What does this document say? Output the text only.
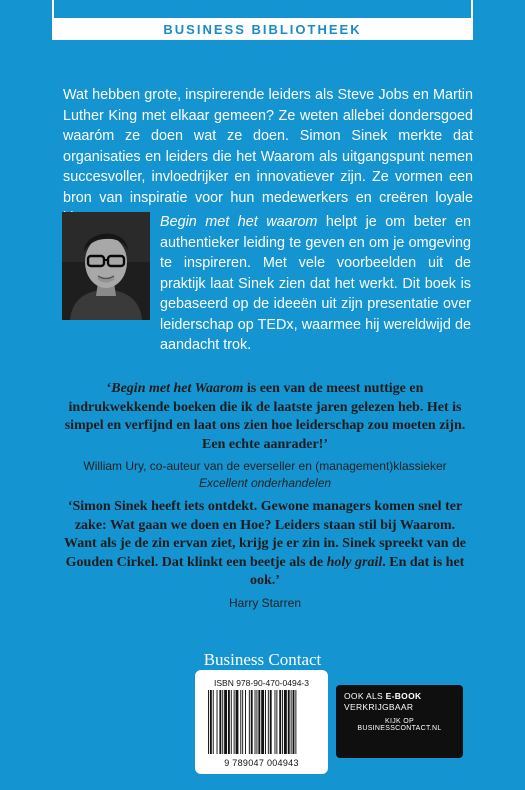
BUSINESS BIBLIOTHEEK
Wat hebben grote, inspirerende leiders als Steve Jobs en Martin Luther King met elkaar gemeen? Ze weten allebei dondersgoed waaróm ze doen wat ze doen. Simon Sinek merkte dat organisaties en leiders die het Waarom als uitgangspunt nemen succesvoller, invloedrijker en innovatiever zijn. Ze vormen een bron van inspiratie voor hun medewerkers en creëren loyale
Begin met het waarom helpt je om beter en authentieker leiding te geven en om je omgeving te inspireren. Met vele voorbeelden uit de praktijk laat Sinek zien dat het werkt. Dit boek is gebaseerd op de ideeën uit zijn presentatie over leiderschap op TEDx, waarmee hij wereldwijd de aandacht trok.
‘Begin met het Waarom is een van de meest nuttige en indrukwekkende boeken die ik de laatste jaren gelezen heb. Het is simpel en verfijnd en laat ons zien hoe leiderschap zou moeten zijn. Een echte aanrader!’
William Ury, co-auteur van de everseller en (management)klassieker
Excellent onderhandelen
‘Simon Sinek heeft iets ontdekt. Gewone managers komen snel ter zake: Wat gaan we doen en Hoe? Leiders staan stil bij Waarom. Want als je de zin ervan ziet, krijg je er zin in. Sinek spreekt van de Gouden Cirkel. Dat klinkt een beetje als de holy grail. En dat is het ook.’
Harry Starren
Business Contact
ISBN 978-90-470-0494-3
9 789047 004943
OOK ALS E-BOOK
VERKRIJGBAAR
KIJK OP
BUSINESSCONTACT.NL
